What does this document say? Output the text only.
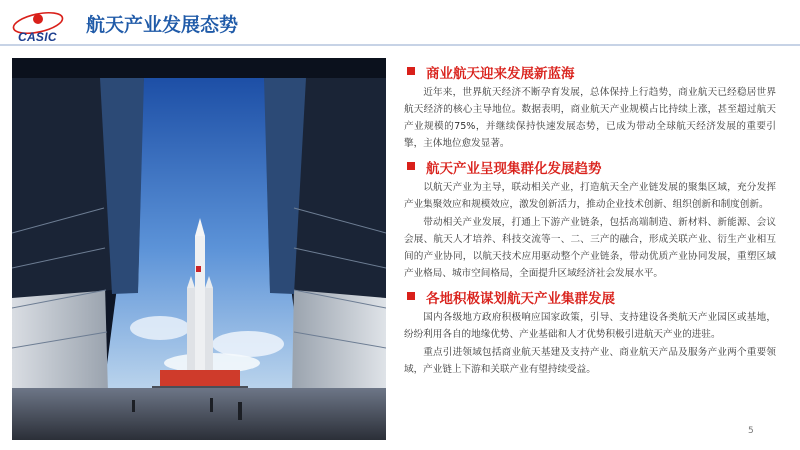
CASIC
航天产业发展态势
商业航天迎来发展新蓝海

近年来，世界航天经济不断孕育发展，总体保持上行趋势，商业航天已经稳居世界航天经济的核心主导地位。数据表明，商业航天产业规模占比持续上涨，甚至超过航天产业规模的75%，并继续保持快速发展态势，已成为带动全球航天经济发展的重要引擎，主体地位愈发显著。

航天产业呈现集群化发展趋势

以航天产业为主导，联动相关产业，打造航天全产业链发展的聚集区域，充分发挥产业集聚效应和规模效应，激发创新活力，推动企业技术创新、组织创新和制度创新。

带动相关产业发展，打通上下游产业链条，包括高端制造、新材料、新能源、会议会展、航天人才培养、科技交流等一、二、三产的融合，形成关联产业、衍生产业相互间的产业协同，以航天技术应用驱动整个产业链条，带动优质产业协同发展，重塑区域产业格局、城市空间格局，全面提升区域经济社会发展水平。

各地积极谋划航天产业集群发展

国内各级地方政府积极响应国家政策，引导、支持建设各类航天产业园区或基地，纷纷利用各自的地缘优势、产业基础和人才优势积极引进航天产业的进驻。

重点引进领域包括商业航天基建及支持产业、商业航天产品及服务产业两个重要领域，产业链上下游和关联产业有望持续受益。

5
